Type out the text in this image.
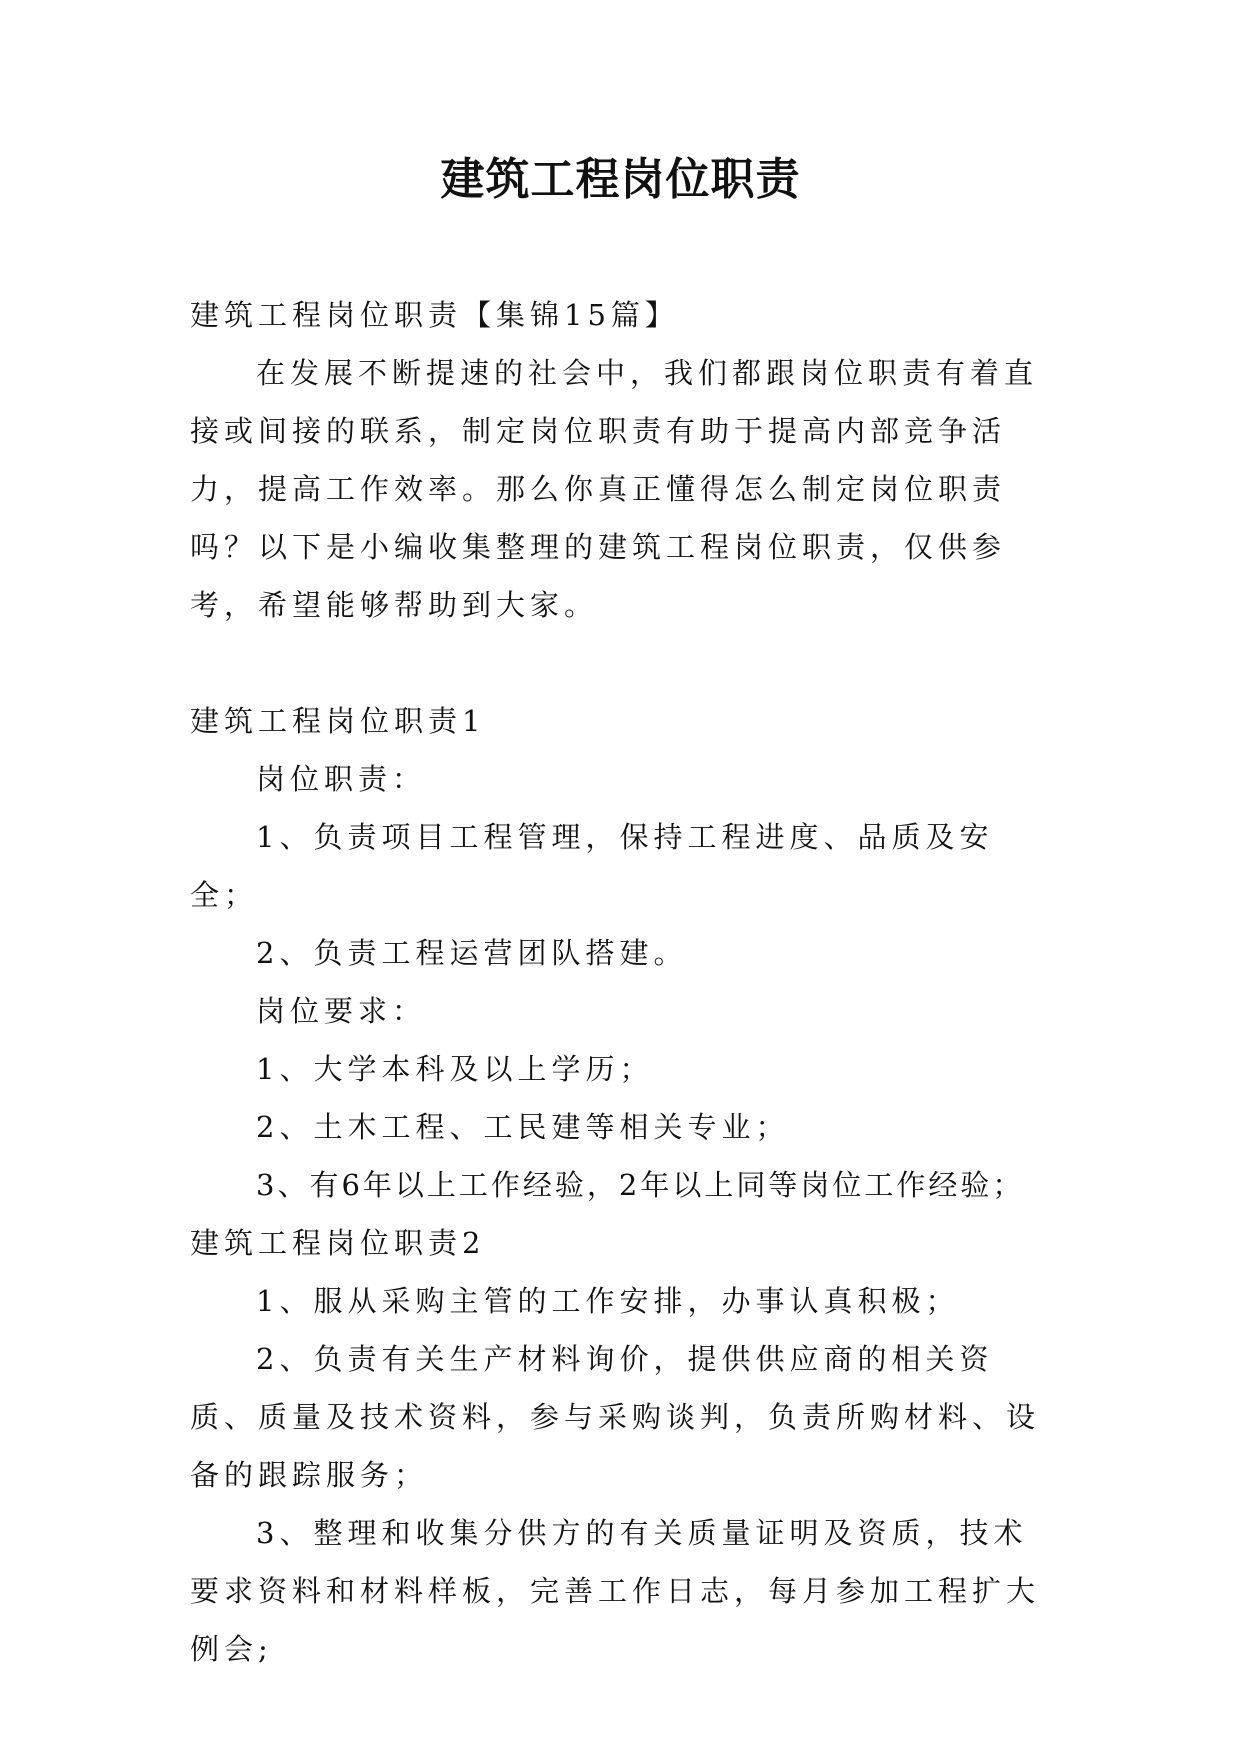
建筑工程岗位职责

建筑工程岗位职责【集锦15篇】

在发展不断提速的社会中，我们都跟岗位职责有着直接或间接的联系，制定岗位职责有助于提高内部竞争活力，提高工作效率。那么你真正懂得怎么制定岗位职责吗？以下是小编收集整理的建筑工程岗位职责，仅供参考，希望能够帮助到大家。

建筑工程岗位职责1

岗位职责：

1、负责项目工程管理，保持工程进度、品质及安全；

2、负责工程运营团队搭建。

岗位要求：

1、大学本科及以上学历；

2、土木工程、工民建等相关专业；

3、有6年以上工作经验，2年以上同等岗位工作经验；

建筑工程岗位职责2

1、服从采购主管的工作安排，办事认真积极；

2、负责有关生产材料询价，提供供应商的相关资质、质量及技术资料，参与采购谈判，负责所购材料、设备的跟踪服务；

3、整理和收集分供方的有关质量证明及资质，技术要求资料和材料样板，完善工作日志，每月参加工程扩大例会;
